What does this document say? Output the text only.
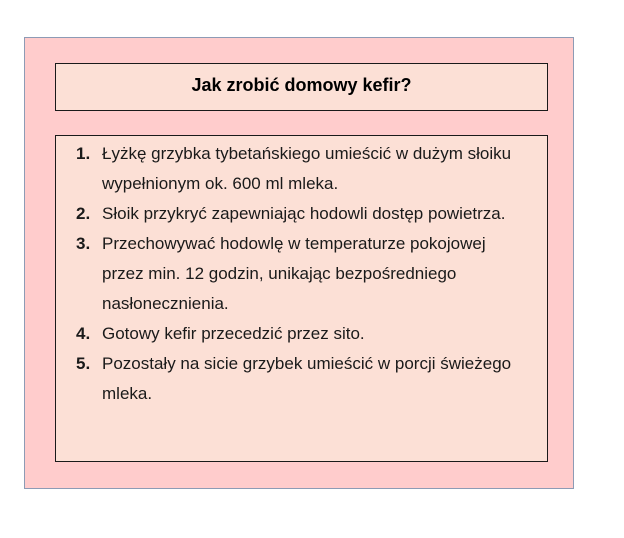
Jak zrobić domowy kefir?
1. Łyżkę grzybka tybetańskiego umieścić w dużym słoiku wypełnionym ok. 600 ml mleka.
2. Słoik przykryć zapewniając hodowli dostęp powietrza.
3. Przechowywać hodowlę w temperaturze pokojowej przez min. 12 godzin, unikając bezpośredniego nasłonecznienia.
4. Gotowy kefir przecedzić przez sito.
5. Pozostały na sicie grzybek umieścić w porcji świeżego mleka.
